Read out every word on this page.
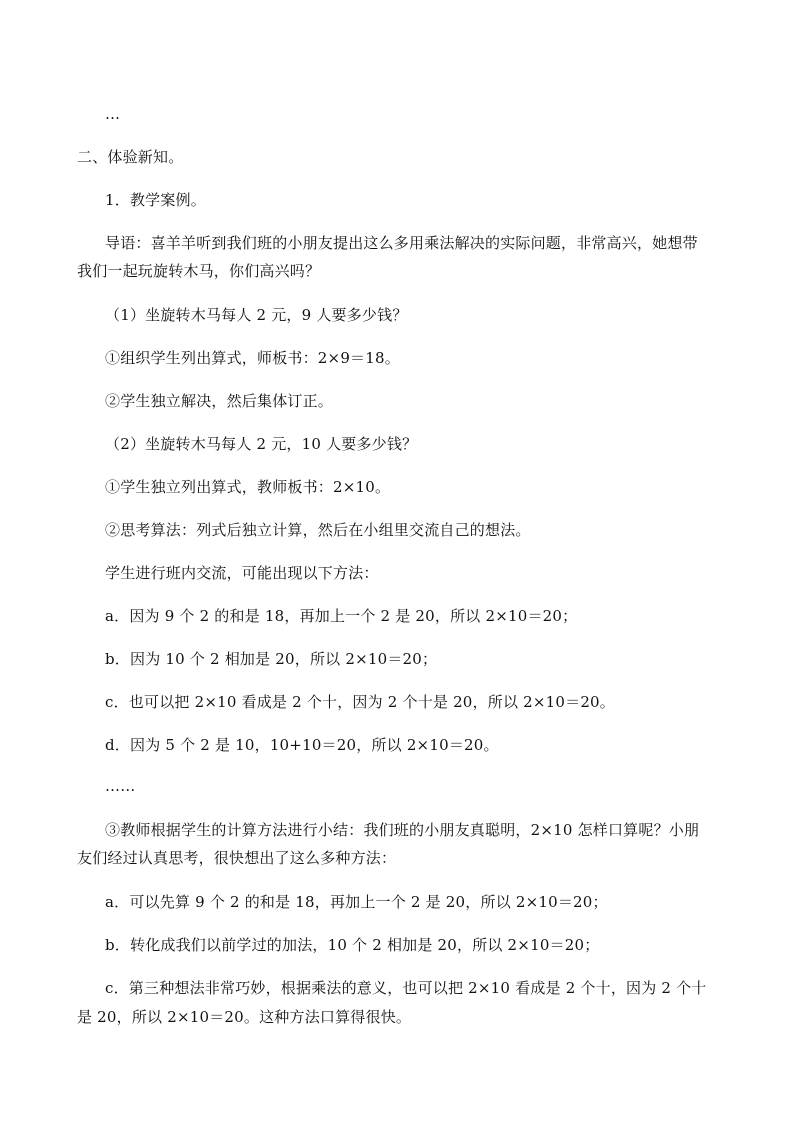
…
二、体验新知。
1．教学案例。
导语：喜羊羊听到我们班的小朋友提出这么多用乘法解决的实际问题，非常高兴，她想带
我们一起玩旋转木马，你们高兴吗？
（1）坐旋转木马每人 2 元，9 人要多少钱？
①组织学生列出算式，师板书：2×9＝18。
②学生独立解决，然后集体订正。
（2）坐旋转木马每人 2 元，10 人要多少钱？
①学生独立列出算式，教师板书：2×10。
②思考算法：列式后独立计算，然后在小组里交流自己的想法。
学生进行班内交流，可能出现以下方法：
a．因为 9 个 2 的和是 18，再加上一个 2 是 20，所以 2×10＝20；
b．因为 10 个 2 相加是 20，所以 2×10＝20；
c．也可以把 2×10 看成是 2 个十，因为 2 个十是 20，所以 2×10＝20。
d．因为 5 个 2 是 10，10+10＝20，所以 2×10＝20。
……
③教师根据学生的计算方法进行小结：我们班的小朋友真聪明，2×10 怎样口算呢？小朋
友们经过认真思考，很快想出了这么多种方法：
a．可以先算 9 个 2 的和是 18，再加上一个 2 是 20，所以 2×10＝20；
b．转化成我们以前学过的加法，10 个 2 相加是 20，所以 2×10＝20；
c．第三种想法非常巧妙，根据乘法的意义，也可以把 2×10 看成是 2 个十，因为 2 个十
是 20，所以 2×10＝20。这种方法口算得很快。
